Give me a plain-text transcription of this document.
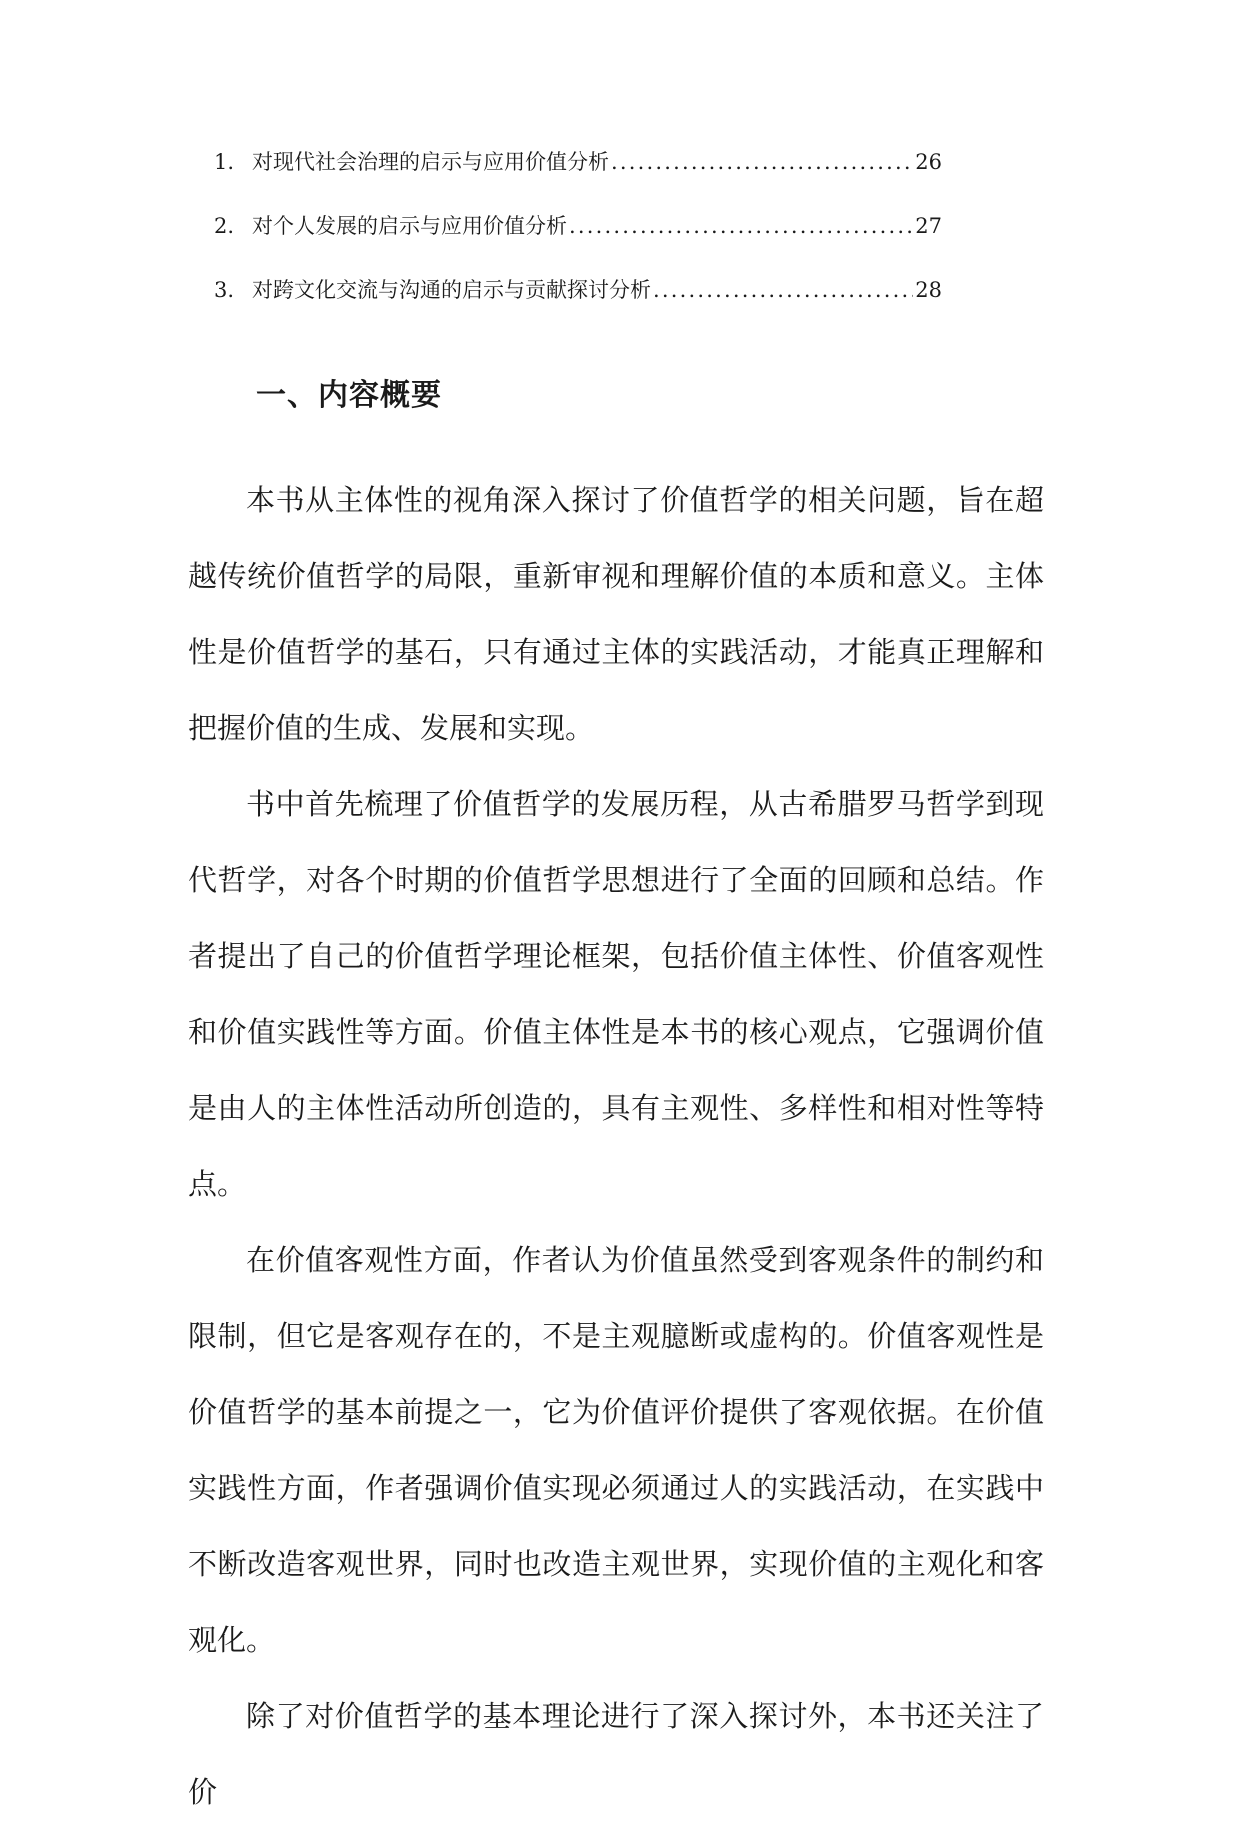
1. 对现代社会治理的启示与应用价值分析 .....	26
2. 对个人发展的启示与应用价值分析 .....	27
3. 对跨文化交流与沟通的启示与贡献探讨分析 .....	28
一、内容概要

本书从主体性的视角深入探讨了价值哲学的相关问题，旨在超越传统价值哲学的局限，重新审视和理解价值的本质和意义。主体性是价值哲学的基石，只有通过主体的实践活动，才能真正理解和把握价值的生成、发展和实现。

书中首先梳理了价值哲学的发展历程，从古希腊罗马哲学到现代哲学，对各个时期的价值哲学思想进行了全面的回顾和总结。作者提出了自己的价值哲学理论框架，包括价值主体性、价值客观性和价值实践性等方面。价值主体性是本书的核心观点，它强调价值是由人的主体性活动所创造的，具有主观性、多样性和相对性等特点。

在价值客观性方面，作者认为价值虽然受到客观条件的制约和限制，但它是客观存在的，不是主观臆断或虚构的。价值客观性是价值哲学的基本前提之一，它为价值评价提供了客观依据。在价值实践性方面，作者强调价值实现必须通过人的实践活动，在实践中不断改造客观世界，同时也改造主观世界，实现价值的主观化和客观化。

除了对价值哲学的基本理论进行了深入探讨外，本书还关注了价
